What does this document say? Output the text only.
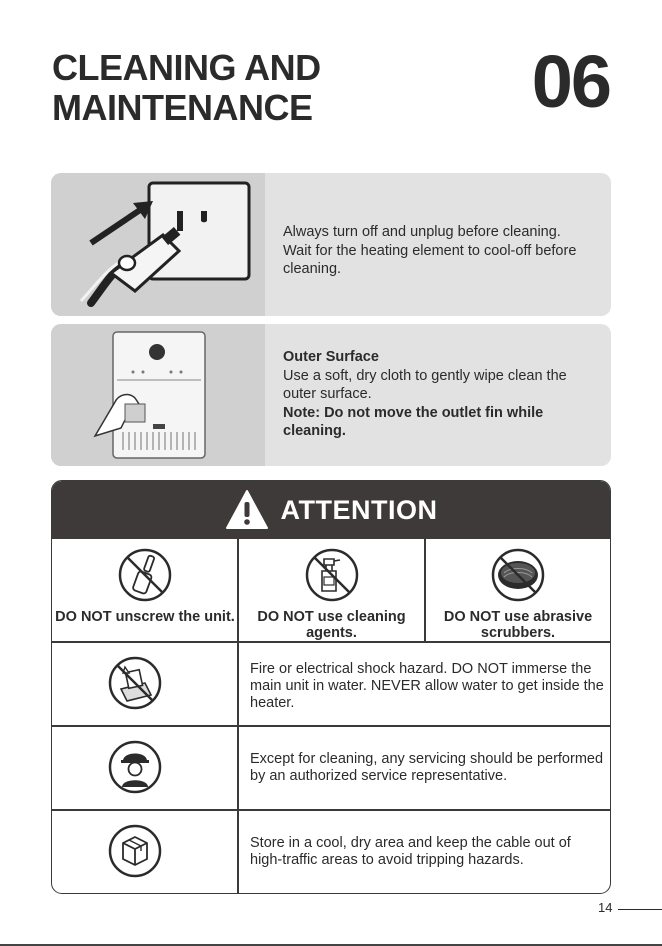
CLEANING AND
MAINTENANCE	06

Always turn off and unplug before cleaning.

Wait for the heating element to cool-off before cleaning.

Outer Surface

Use a soft, dry cloth to gently wipe clean the outer surface.

Note: Do not move the outlet fin while cleaning.

ATTENTION
DO NOT unscrew the unit.	DO NOT use cleaning agents.
DO NOT use abrasive scrubbers.
Fire or electrical shock hazard. DO NOT immerse the main unit in water. NEVER allow water to get inside the heater.
Except for cleaning, any servicing should be performed by an authorized service representative.
Store in a cool, dry area and keep the cable out of high-traffic areas to avoid tripping hazards.
14
